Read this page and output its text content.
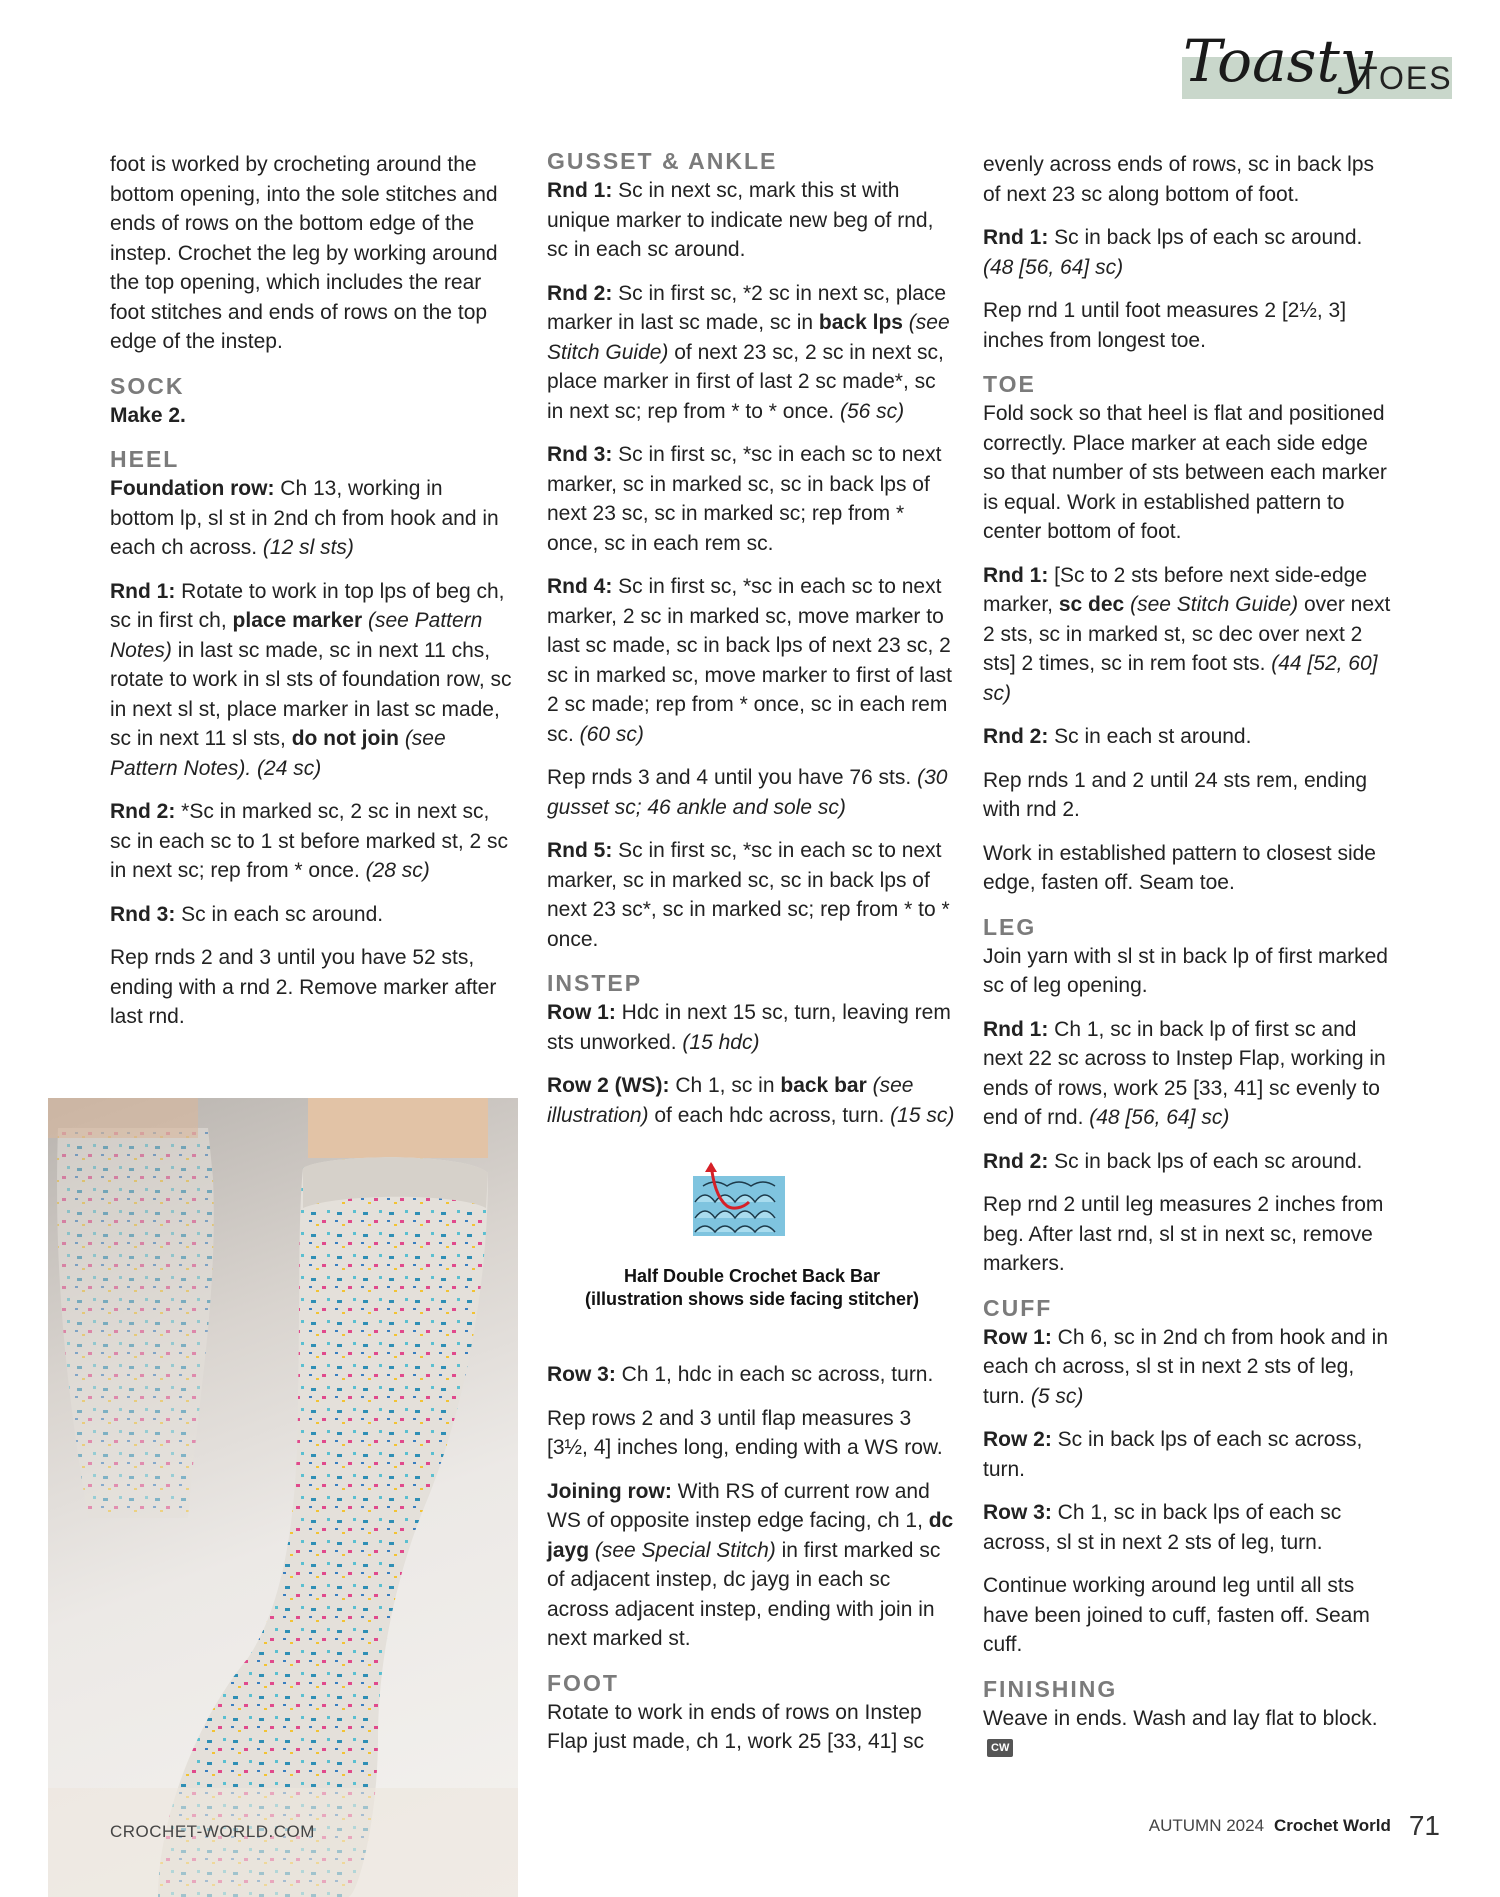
Toasty
TOES

foot is worked by crocheting around the bottom opening, into the sole stitches and ends of rows on the bottom edge of the instep. Crochet the leg by working around the top opening, which includes the rear foot stitches and ends of rows on the top edge of the instep.

SOCK

Make 2.

HEEL

Foundation row: Ch 13, working in bottom lp, sl st in 2nd ch from hook and in each ch across. (12 sl sts)

Rnd 1: Rotate to work in top lps of beg ch, sc in first ch, place marker (see Pattern Notes) in last sc made, sc in next 11 chs, rotate to work in sl sts of foundation row, sc in next sl st, place marker in last sc made, sc in next 11 sl sts, do not join (see Pattern Notes). (24 sc)

Rnd 2: *Sc in marked sc, 2 sc in next sc, sc in each sc to 1 st before marked st, 2 sc in next sc; rep from * once. (28 sc)

Rnd 3: Sc in each sc around.

Rep rnds 2 and 3 until you have 52 sts, ending with a rnd 2. Remove marker after last rnd.

GUSSET & ANKLE

Rnd 1: Sc in next sc, mark this st with unique marker to indicate new beg of rnd, sc in each sc around.

Rnd 2: Sc in first sc, *2 sc in next sc, place marker in last sc made, sc in back lps (see Stitch Guide) of next 23 sc, 2 sc in next sc, place marker in first of last 2 sc made*, sc in next sc; rep from * to * once. (56 sc)

Rnd 3: Sc in first sc, *sc in each sc to next marker, sc in marked sc, sc in back lps of next 23 sc, sc in marked sc; rep from * once, sc in each rem sc.

Rnd 4: Sc in first sc, *sc in each sc to next marker, 2 sc in marked sc, move marker to last sc made, sc in back lps of next 23 sc, 2 sc in marked sc, move marker to first of last 2 sc made; rep from * once, sc in each rem sc. (60 sc)

Rep rnds 3 and 4 until you have 76 sts. (30 gusset sc; 46 ankle and sole sc)

Rnd 5: Sc in first sc, *sc in each sc to next marker, sc in marked sc, sc in back lps of next 23 sc*, sc in marked sc; rep from * to * once.

INSTEP

Row 1: Hdc in next 15 sc, turn, leaving rem sts unworked. (15 hdc)

Row 2 (WS): Ch 1, sc in back bar (see illustration) of each hdc across, turn. (15 sc)

Row 3: Ch 1, hdc in each sc across, turn.

Rep rows 2 and 3 until flap measures 3 [3½, 4] inches long, ending with a WS row.

Joining row: With RS of current row and WS of opposite instep edge facing, ch 1, dc jayg (see Special Stitch) in first marked sc of adjacent instep, dc jayg in each sc across adjacent instep, ending with join in next marked st.

FOOT

Rotate to work in ends of rows on Instep Flap just made, ch 1, work 25 [33, 41] sc

Half Double Crochet Back Bar
(illustration shows side facing stitcher)

evenly across ends of rows, sc in back lps of next 23 sc along bottom of foot.

Rnd 1: Sc in back lps of each sc around. (48 [56, 64] sc)

Rep rnd 1 until foot measures 2 [2½, 3] inches from longest toe.

TOE

Fold sock so that heel is flat and positioned correctly. Place marker at each side edge so that number of sts between each marker is equal. Work in established pattern to center bottom of foot.

Rnd 1: [Sc to 2 sts before next side-edge marker, sc dec (see Stitch Guide) over next 2 sts, sc in marked st, sc dec over next 2 sts] 2 times, sc in rem foot sts. (44 [52, 60] sc)

Rnd 2: Sc in each st around.

Rep rnds 1 and 2 until 24 sts rem, ending with rnd 2.

Work in established pattern to closest side edge, fasten off. Seam toe.

LEG

Join yarn with sl st in back lp of first marked sc of leg opening.

Rnd 1: Ch 1, sc in back lp of first sc and next 22 sc across to Instep Flap, working in ends of rows, work 25 [33, 41] sc evenly to end of rnd. (48 [56, 64] sc)

Rnd 2: Sc in back lps of each sc around.

Rep rnd 2 until leg measures 2 inches from beg. After last rnd, sl st in next sc, remove markers.

CUFF

Row 1: Ch 6, sc in 2nd ch from hook and in each ch across, sl st in next 2 sts of leg, turn. (5 sc)

Row 2: Sc in back lps of each sc across, turn.

Row 3: Ch 1, sc in back lps of each sc across, sl st in next 2 sts of leg, turn.

Continue working around leg until all sts have been joined to cuff, fasten off. Seam cuff.

FINISHING

Weave in ends. Wash and lay flat to block.CW

CROCHET-WORLD.COM	AUTUMN 2024 Crochet World 71
